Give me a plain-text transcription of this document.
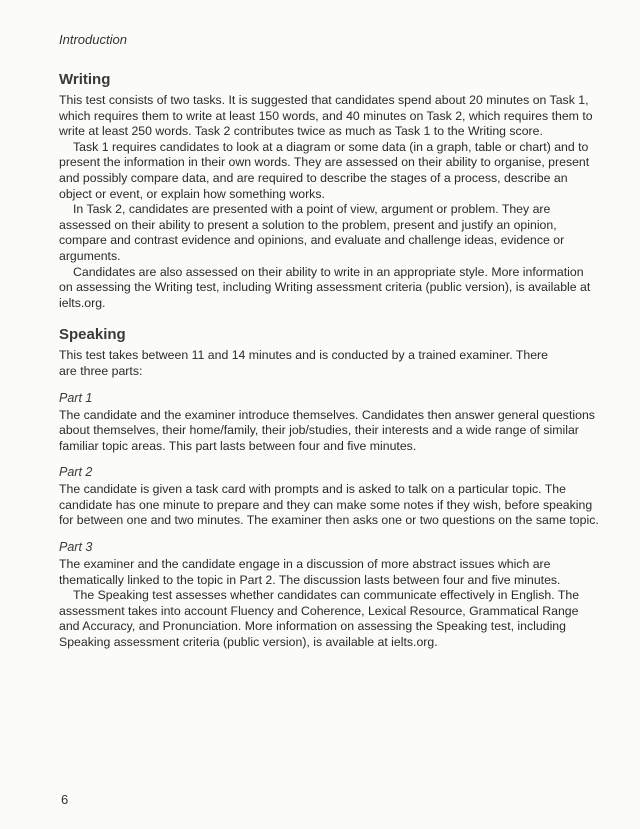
Introduction
Writing

This test consists of two tasks. It is suggested that candidates spend about 20 minutes on Task 1, which requires them to write at least 150 words, and 40 minutes on Task 2, which requires them to write at least 250 words. Task 2 contributes twice as much as Task 1 to the Writing score.

Task 1 requires candidates to look at a diagram or some data (in a graph, table or chart) and to present the information in their own words. They are assessed on their ability to organise, present and possibly compare data, and are required to describe the stages of a process, describe an object or event, or explain how something works.

In Task 2, candidates are presented with a point of view, argument or problem. They are assessed on their ability to present a solution to the problem, present and justify an opinion, compare and contrast evidence and opinions, and evaluate and challenge ideas, evidence or arguments.

Candidates are also assessed on their ability to write in an appropriate style. More information on assessing the Writing test, including Writing assessment criteria (public version), is available at ielts.org.

Speaking

This test takes between 11 and 14 minutes and is conducted by a trained examiner. There are three parts:

Part 1

The candidate and the examiner introduce themselves. Candidates then answer general questions about themselves, their home/family, their job/studies, their interests and a wide range of similar familiar topic areas. This part lasts between four and five minutes.

Part 2

The candidate is given a task card with prompts and is asked to talk on a particular topic. The candidate has one minute to prepare and they can make some notes if they wish, before speaking for between one and two minutes. The examiner then asks one or two questions on the same topic.

Part 3

The examiner and the candidate engage in a discussion of more abstract issues which are thematically linked to the topic in Part 2. The discussion lasts between four and five minutes.

The Speaking test assesses whether candidates can communicate effectively in English. The assessment takes into account Fluency and Coherence, Lexical Resource, Grammatical Range and Accuracy, and Pronunciation. More information on assessing the Speaking test, including Speaking assessment criteria (public version), is available at ielts.org.

6
